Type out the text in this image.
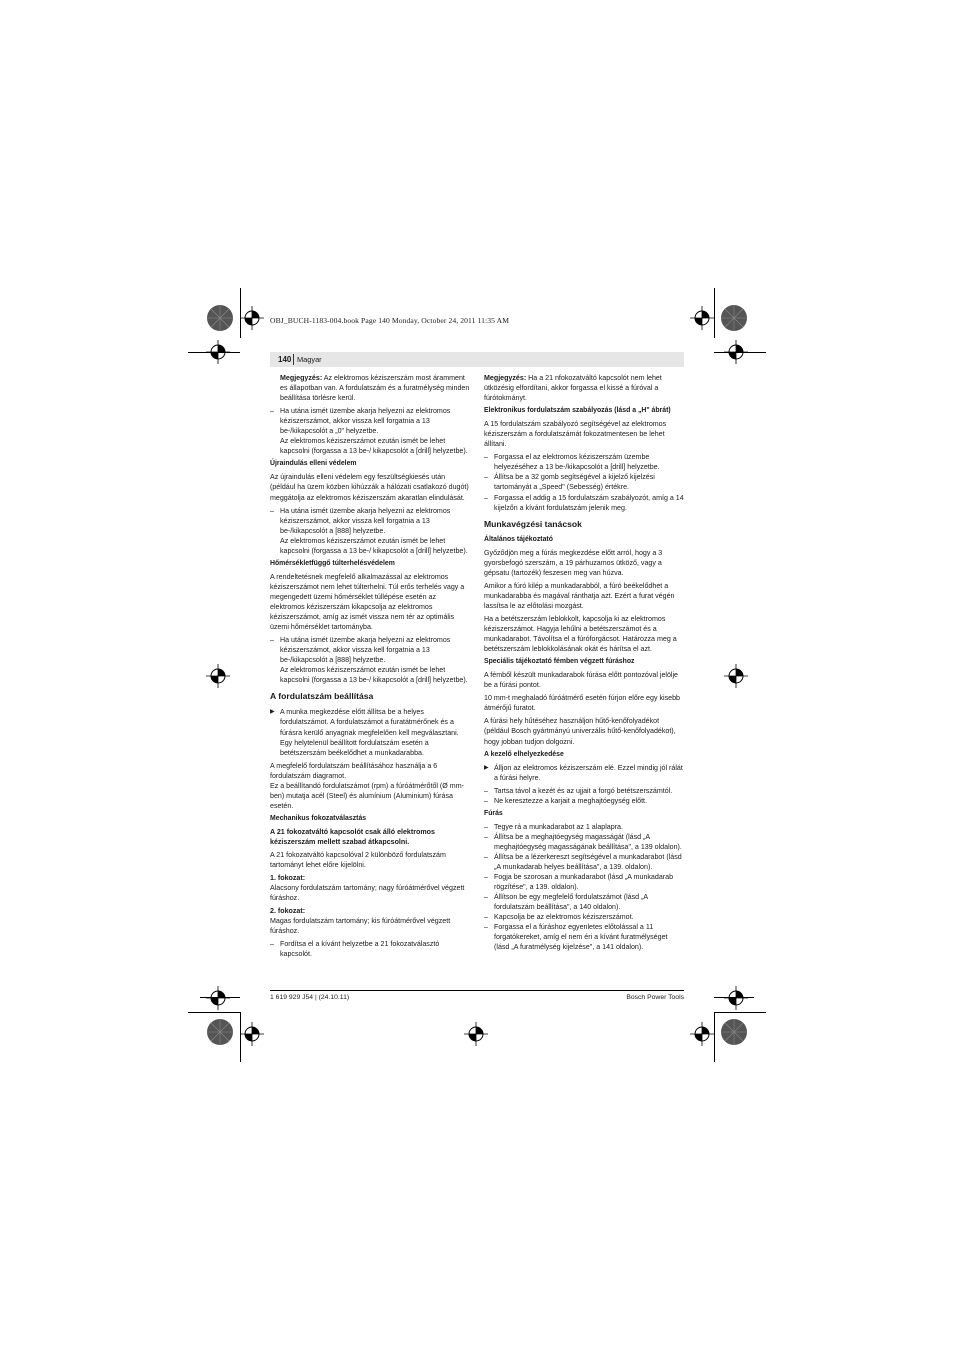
OBJ_BUCH-1183-004.book Page 140 Monday, October 24, 2011 11:35 AM
140 Magyar

Megjegyzés: Az elektromos kéziszerszám most áramment es állapotban van. A fordulatszám és a furatmélység minden beállítása törlésre kerül.

– Ha utána ismét üzembe akarja helyezni az elektromos kéziszerszámot, akkor vissza kell forgatnia a 13 be-/kikapcsolót a „0" helyzetbe.
Az elektromos kéziszerszámot ezután ismét be lehet kapcsolni (forgassa a 13 be-/ kikapcsolót a [drill] helyzetbe).
Újraindulás elleni védelem

Az újraindulás elleni védelem egy feszültségkiesés után (például ha üzem közben kihúzzák a hálózati csatlakozó dugót) meggátolja az elektromos kéziszerszám akaratlan elindulását.

– Ha utána ismét üzembe akarja helyezni az elektromos kéziszerszámot, akkor vissza kell forgatnia a 13 be-/kikapcsolót a [888] helyzetbe.
Az elektromos kéziszerszámot ezután ismét be lehet kapcsolni (forgassa a 13 be-/ kikapcsolót a [drill] helyzetbe).
Hőmérsékletfüggő túlterhelésvédelem

A rendeltetésnek megfelelő alkalmazással az elektromos kéziszerszámot nem lehet túlterhelni. Túl erős terhelés vagy a megengedett üzemi hőmérséklet túllépése esetén az elektromos kéziszerszám kikapcsolja az elektromos kéziszerszámot, amíg az ismét vissza nem tér az optimális üzemi hőmérséklet tartományba.

– Ha utána ismét üzembe akarja helyezni az elektromos kéziszerszámot, akkor vissza kell forgatnia a 13 be-/kikapcsolót a [888] helyzetbe.
Az elektromos kéziszerszámot ezután ismét be lehet kapcsolni (forgassa a 13 be-/ kikapcsolót a [drill] helyzetbe).
A fordulatszám beállítása

▶ A munka megkezdése előtt állítsa be a helyes fordulatszámot. A fordulatszámot a furatátmérőnek és a fúrásra kerülő anyagnak megfelelően kell megválasztani. Egy helytelenül beállított fordulatszám esetén a betétszerszám beékelődhet a munkadarabba.

A megfelelő fordulatszám beállításához használja a 6 fordulatszám diagramot.
Ez a beállítandó fordulatszámot (rpm) a fúróátmérőtől (Ø mm-ben) mutatja acél (Steel) és alumínium (Aluminium) fúrása esetén.

Mechanikus fokozatválasztás

A 21 fokozatváltó kapcsolót csak álló elektromos kéziszerszám mellett szabad átkapcsolni.

A 21 fokozatváltó kapcsolóval 2 különböző fordulatszám tartományt lehet előre kijelölni.

1. fokozat:
Alacsony fordulatszám tartomány; nagy fúróátmérővel végzett fúráshoz.

2. fokozat:
Magas fordulatszám tartomány; kis fúróátmérővel végzett fúráshoz.

– Fordítsa el a kívánt helyzetbe a 21 fokozatválasztó kapcsolót.

Megjegyzés: Ha a 21 nfokozatváltó kapcsolót nem lehet ütközésig elfordítani, akkor forgassa el kissé a fúróval a fúrótokmányt.

Elektronikus fordulatszám szabályozás (lásd a „H" ábrát)

A 15 fordulatszám szabályozó segítségével az elektromos kéziszerszám a fordulatszámát fokozatmentesen be lehet állítani.

– Forgassa el az elektromos kéziszerszám üzembe helyezéséhez a 13 be-/kikapcsolót a [drill] helyzetbe.
– Állítsa be a 32 gomb segítségével a kijelző kijelzési tartományát a „Speed" (Sebesség) értékre.
– Forgassa el addig a 15 fordulatszám szabályozót, amíg a 14 kijelzőn a kívánt fordulatszám jelenik meg.
Munkavégzési tanácsok
Általános tájékoztató

Győződjön meg a fúrás megkezdése előtt arról, hogy a 3 gyorsbefogó szerszám, a 19 párhuzamos ütköző, vagy a gépsatu (tartozék) feszesen meg van húzva.

Amikor a fúró kilép a munkadarabból, a fúró beékelődhet a munkadarabba és magával ránthatja azt. Ezért a furat végén lassítsa le az előtolási mozgást.

Ha a betétszerszám leblokkolt, kapcsolja ki az elektromos kéziszerszámot. Hagyja lehűlni a betétszerszámot és a munkadarabot. Távolítsa el a fúróforgácsot. Határozza meg a betétszerszám leblokkolásának okát és hárítsa el azt.

Speciális tájékoztató fémben végzett fúráshoz

A fémből készült munkadarabok fúrása előtt pontozóval jelölje be a fúrási pontot.

10 mm-t meghaladó fúróátmérő esetén fúrjon előre egy kisebb átmérőjű furatot.

A fúrási hely hűtéséhez használjon hűtő-kenőfolyadékot (például Bosch gyártmányú univerzális hűtő-kenőfolyadékot), hogy jobban tudjon dolgozni.

A kezelő elhelyezkedése

▶ Álljon az elektromos kéziszerszám elé. Ezzel mindig jól rálát a fúrási helyre.

– Tartsa távol a kezét és az ujjait a forgó betétszerszámtól.
– Ne keresztezze a karjait a meghajtóegység előtt.
Fúrás
– Tegye rá a munkadarabot az 1 alaplapra.
– Állítsa be a meghajtóegység magasságát (lásd „A meghajtóegység magasságának beállítása", a 139 oldalon).
– Állítsa be a lézerkereszt segítségével a munkadarabot (lásd „A munkadarab helyes beállítása", a 139. oldalon).
– Fogja be szorosan a munkadarabot (lásd „A munkadarab rögzítése", a 139. oldalon).
– Állítson be egy megfelelő fordulatszámot (lásd „A fordulatszám beállítása", a 140 oldalon).
– Kapcsolja be az elektromos kéziszerszámot.
– Forgassa el a fúráshoz egyenletes előtolással a 11 forgatókereket, amíg el nem éri a kívánt furatmélységet (lásd „A furatmélység kijelzése", a 141 oldalon).
1 619 929 J54 | (24.10.11)	Bosch Power Tools
